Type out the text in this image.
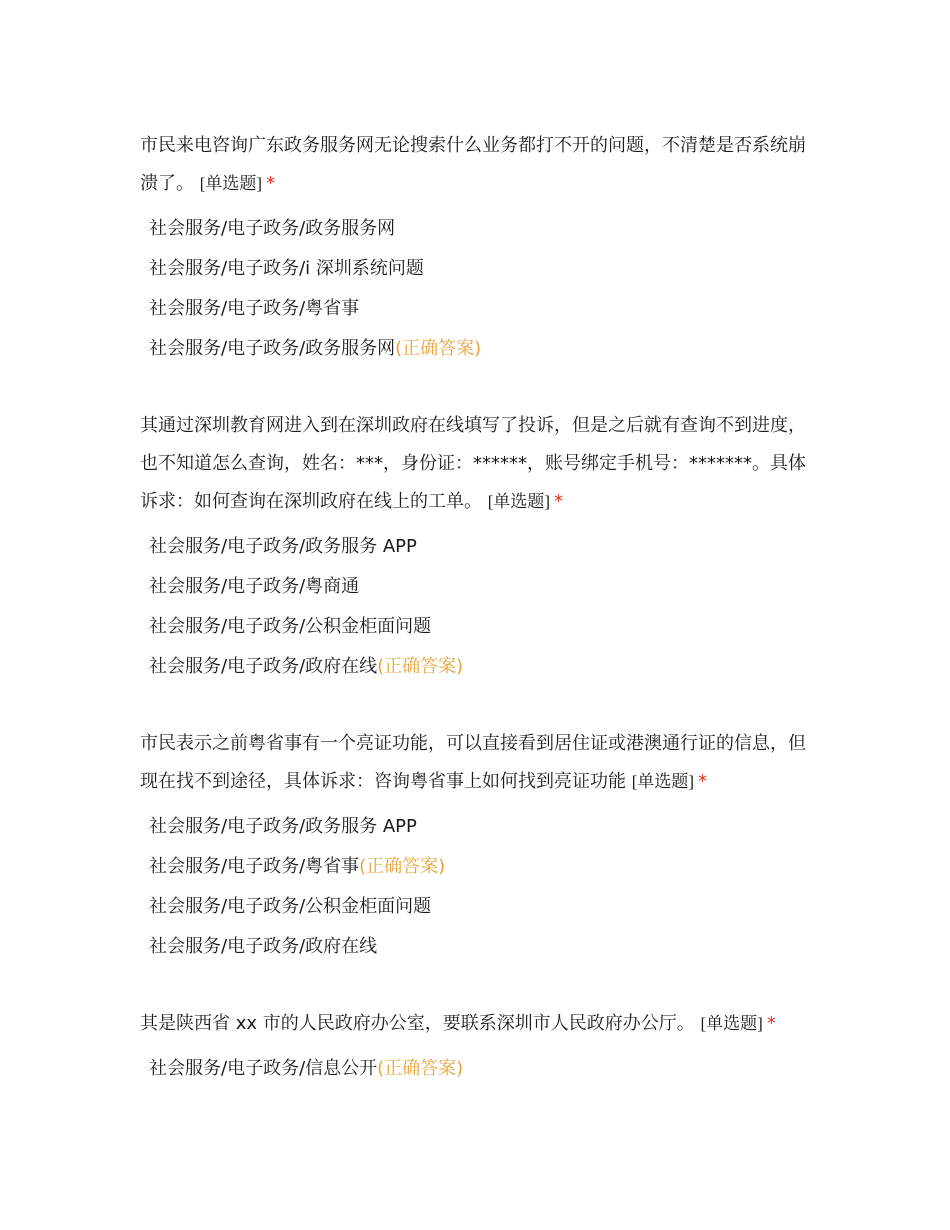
市民来电咨询广东政务服务网无论搜索什么业务都打不开的问题，不清楚是否系统崩溃了。 [单选题] *

社会服务/电子政务/政务服务网
社会服务/电子政务/i 深圳系统问题
社会服务/电子政务/粤省事
社会服务/电子政务/政务服务网(正确答案)

其通过深圳教育网进入到在深圳政府在线填写了投诉，但是之后就有查询不到进度，也不知道怎么查询，姓名：***，身份证：******，账号绑定手机号：*******。具体诉求：如何查询在深圳政府在线上的工单。 [单选题] *

社会服务/电子政务/政务服务 APP
社会服务/电子政务/粤商通
社会服务/电子政务/公积金柜面问题
社会服务/电子政务/政府在线(正确答案)

市民表示之前粤省事有一个亮证功能，可以直接看到居住证或港澳通行证的信息，但现在找不到途径，具体诉求：咨询粤省事上如何找到亮证功能 [单选题] *

社会服务/电子政务/政务服务 APP
社会服务/电子政务/粤省事(正确答案)
社会服务/电子政务/公积金柜面问题
社会服务/电子政务/政府在线

其是陕西省 xx 市的人民政府办公室，要联系深圳市人民政府办公厅。 [单选题] *

社会服务/电子政务/信息公开(正确答案)
